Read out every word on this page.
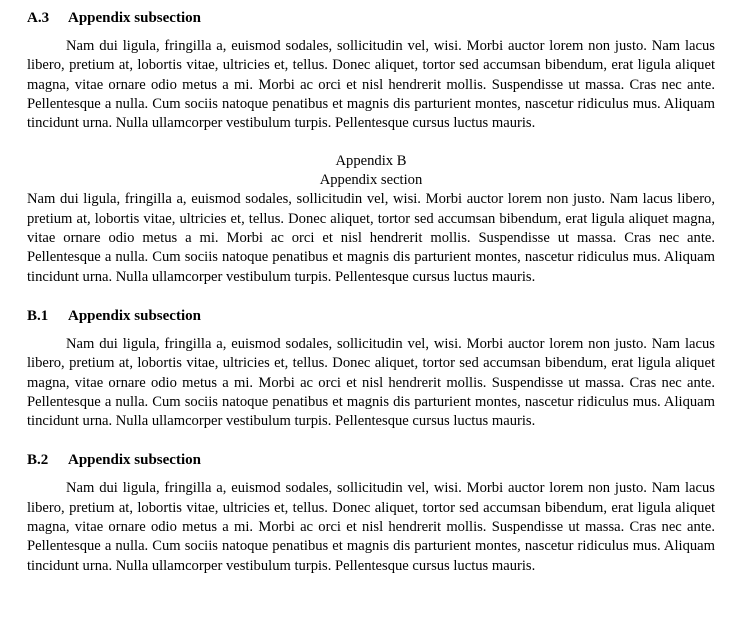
A.3 Appendix subsection

Nam dui ligula, fringilla a, euismod sodales, sollicitudin vel, wisi. Morbi auctor lorem non justo. Nam lacus libero, pretium at, lobortis vitae, ultricies et, tellus. Donec aliquet, tortor sed accumsan bibendum, erat ligula aliquet magna, vitae ornare odio metus a mi. Morbi ac orci et nisl hendrerit mollis. Suspendisse ut massa. Cras nec ante. Pellentesque a nulla. Cum sociis natoque penatibus et magnis dis parturient montes, nascetur ridiculus mus. Aliquam tincidunt urna. Nulla ullamcorper vestibulum turpis. Pellentesque cursus luctus mauris.

Appendix B

Appendix section

Nam dui ligula, fringilla a, euismod sodales, sollicitudin vel, wisi. Morbi auctor lorem non justo. Nam lacus libero, pretium at, lobortis vitae, ultricies et, tellus. Donec aliquet, tortor sed accumsan bibendum, erat ligula aliquet magna, vitae ornare odio metus a mi. Morbi ac orci et nisl hendrerit mollis. Suspendisse ut massa. Cras nec ante. Pellentesque a nulla. Cum sociis natoque penatibus et magnis dis parturient montes, nascetur ridiculus mus. Aliquam tincidunt urna. Nulla ullamcorper vestibulum turpis. Pellentesque cursus luctus mauris.

B.1 Appendix subsection

Nam dui ligula, fringilla a, euismod sodales, sollicitudin vel, wisi. Morbi auctor lorem non justo. Nam lacus libero, pretium at, lobortis vitae, ultricies et, tellus. Donec aliquet, tortor sed accumsan bibendum, erat ligula aliquet magna, vitae ornare odio metus a mi. Morbi ac orci et nisl hendrerit mollis. Suspendisse ut massa. Cras nec ante. Pellentesque a nulla. Cum sociis natoque penatibus et magnis dis parturient montes, nascetur ridiculus mus. Aliquam tincidunt urna. Nulla ullamcorper vestibulum turpis. Pellentesque cursus luctus mauris.

B.2 Appendix subsection

Nam dui ligula, fringilla a, euismod sodales, sollicitudin vel, wisi. Morbi auctor lorem non justo. Nam lacus libero, pretium at, lobortis vitae, ultricies et, tellus. Donec aliquet, tortor sed accumsan bibendum, erat ligula aliquet magna, vitae ornare odio metus a mi. Morbi ac orci et nisl hendrerit mollis. Suspendisse ut massa. Cras nec ante. Pellentesque a nulla. Cum sociis natoque penatibus et magnis dis parturient montes, nascetur ridiculus mus. Aliquam tincidunt urna. Nulla ullamcorper vestibulum turpis. Pellentesque cursus luctus mauris.
